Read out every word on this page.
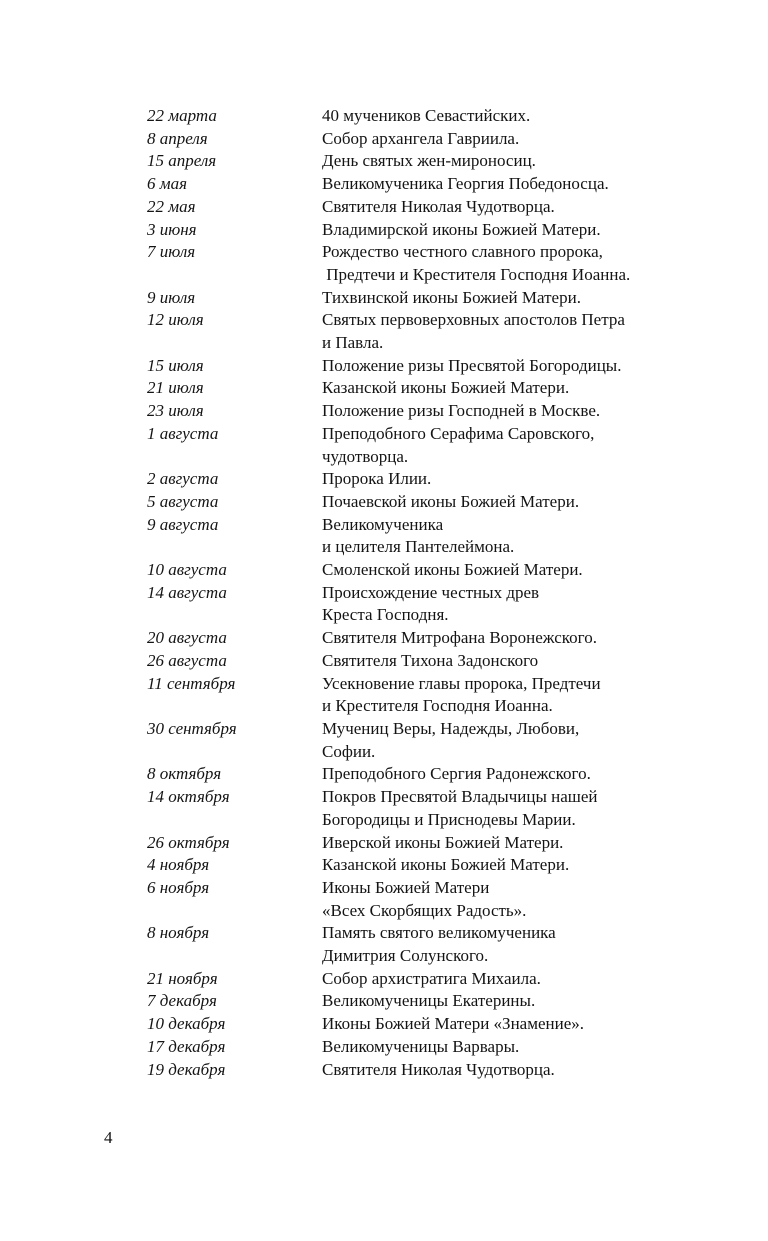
22 марта	40 мучеников Севастийских.
8 апреля	Собор архангела Гавриила.
15 апреля	День святых жен-мироносиц.
6 мая	Великомученика Георгия Победоносца.
22 мая	Святителя Николая Чудотворца.
3 июня	Владимирской иконы Божией Матери.
7 июля	Рождество честного славного пророка,
Предтечи и Крестителя Господня Иоанна.
9 июля	Тихвинской иконы Божией Матери.
12 июля	Святых первоверховных апостолов Петра
и Павла.
15 июля	Положение ризы Пресвятой Богородицы.
21 июля	Казанской иконы Божией Матери.
23 июля	Положение ризы Господней в Москве.
1 августа	Преподобного Серафима Саровского,
чудотворца.
2 августа	Пророка Илии.
5 августа	Почаевской иконы Божией Матери.
9 августа	Великомученика
и целителя Пантелеймона.
10 августа	Смоленской иконы Божией Матери.
14 августа	Происхождение честных древ
Креста Господня.
20 августа	Святителя Митрофана Воронежского.
26 августа	Святителя Тихона Задонского
11 сентября	Усекновение главы пророка, Предтечи
и Крестителя Господня Иоанна.
30 сентября	Мучениц Веры, Надежды, Любови,
Софии.
8 октября	Преподобного Сергия Радонежского.
14 октября	Покров Пресвятой Владычицы нашей
Богородицы и Приснодевы Марии.
26 октября	Иверской иконы Божией Матери.
4 ноября	Казанской иконы Божией Матери.
6 ноября	Иконы Божией Матери
«Всех Скорбящих Радость».
8 ноября	Память святого великомученика
Димитрия Солунского.
21 ноября	Собор архистратига Михаила.
7 декабря	Великомученицы Екатерины.
10 декабря	Иконы Божией Матери «Знамение».
17 декабря	Великомученицы Варвары.
19 декабря	Святителя Николая Чудотворца.
4
